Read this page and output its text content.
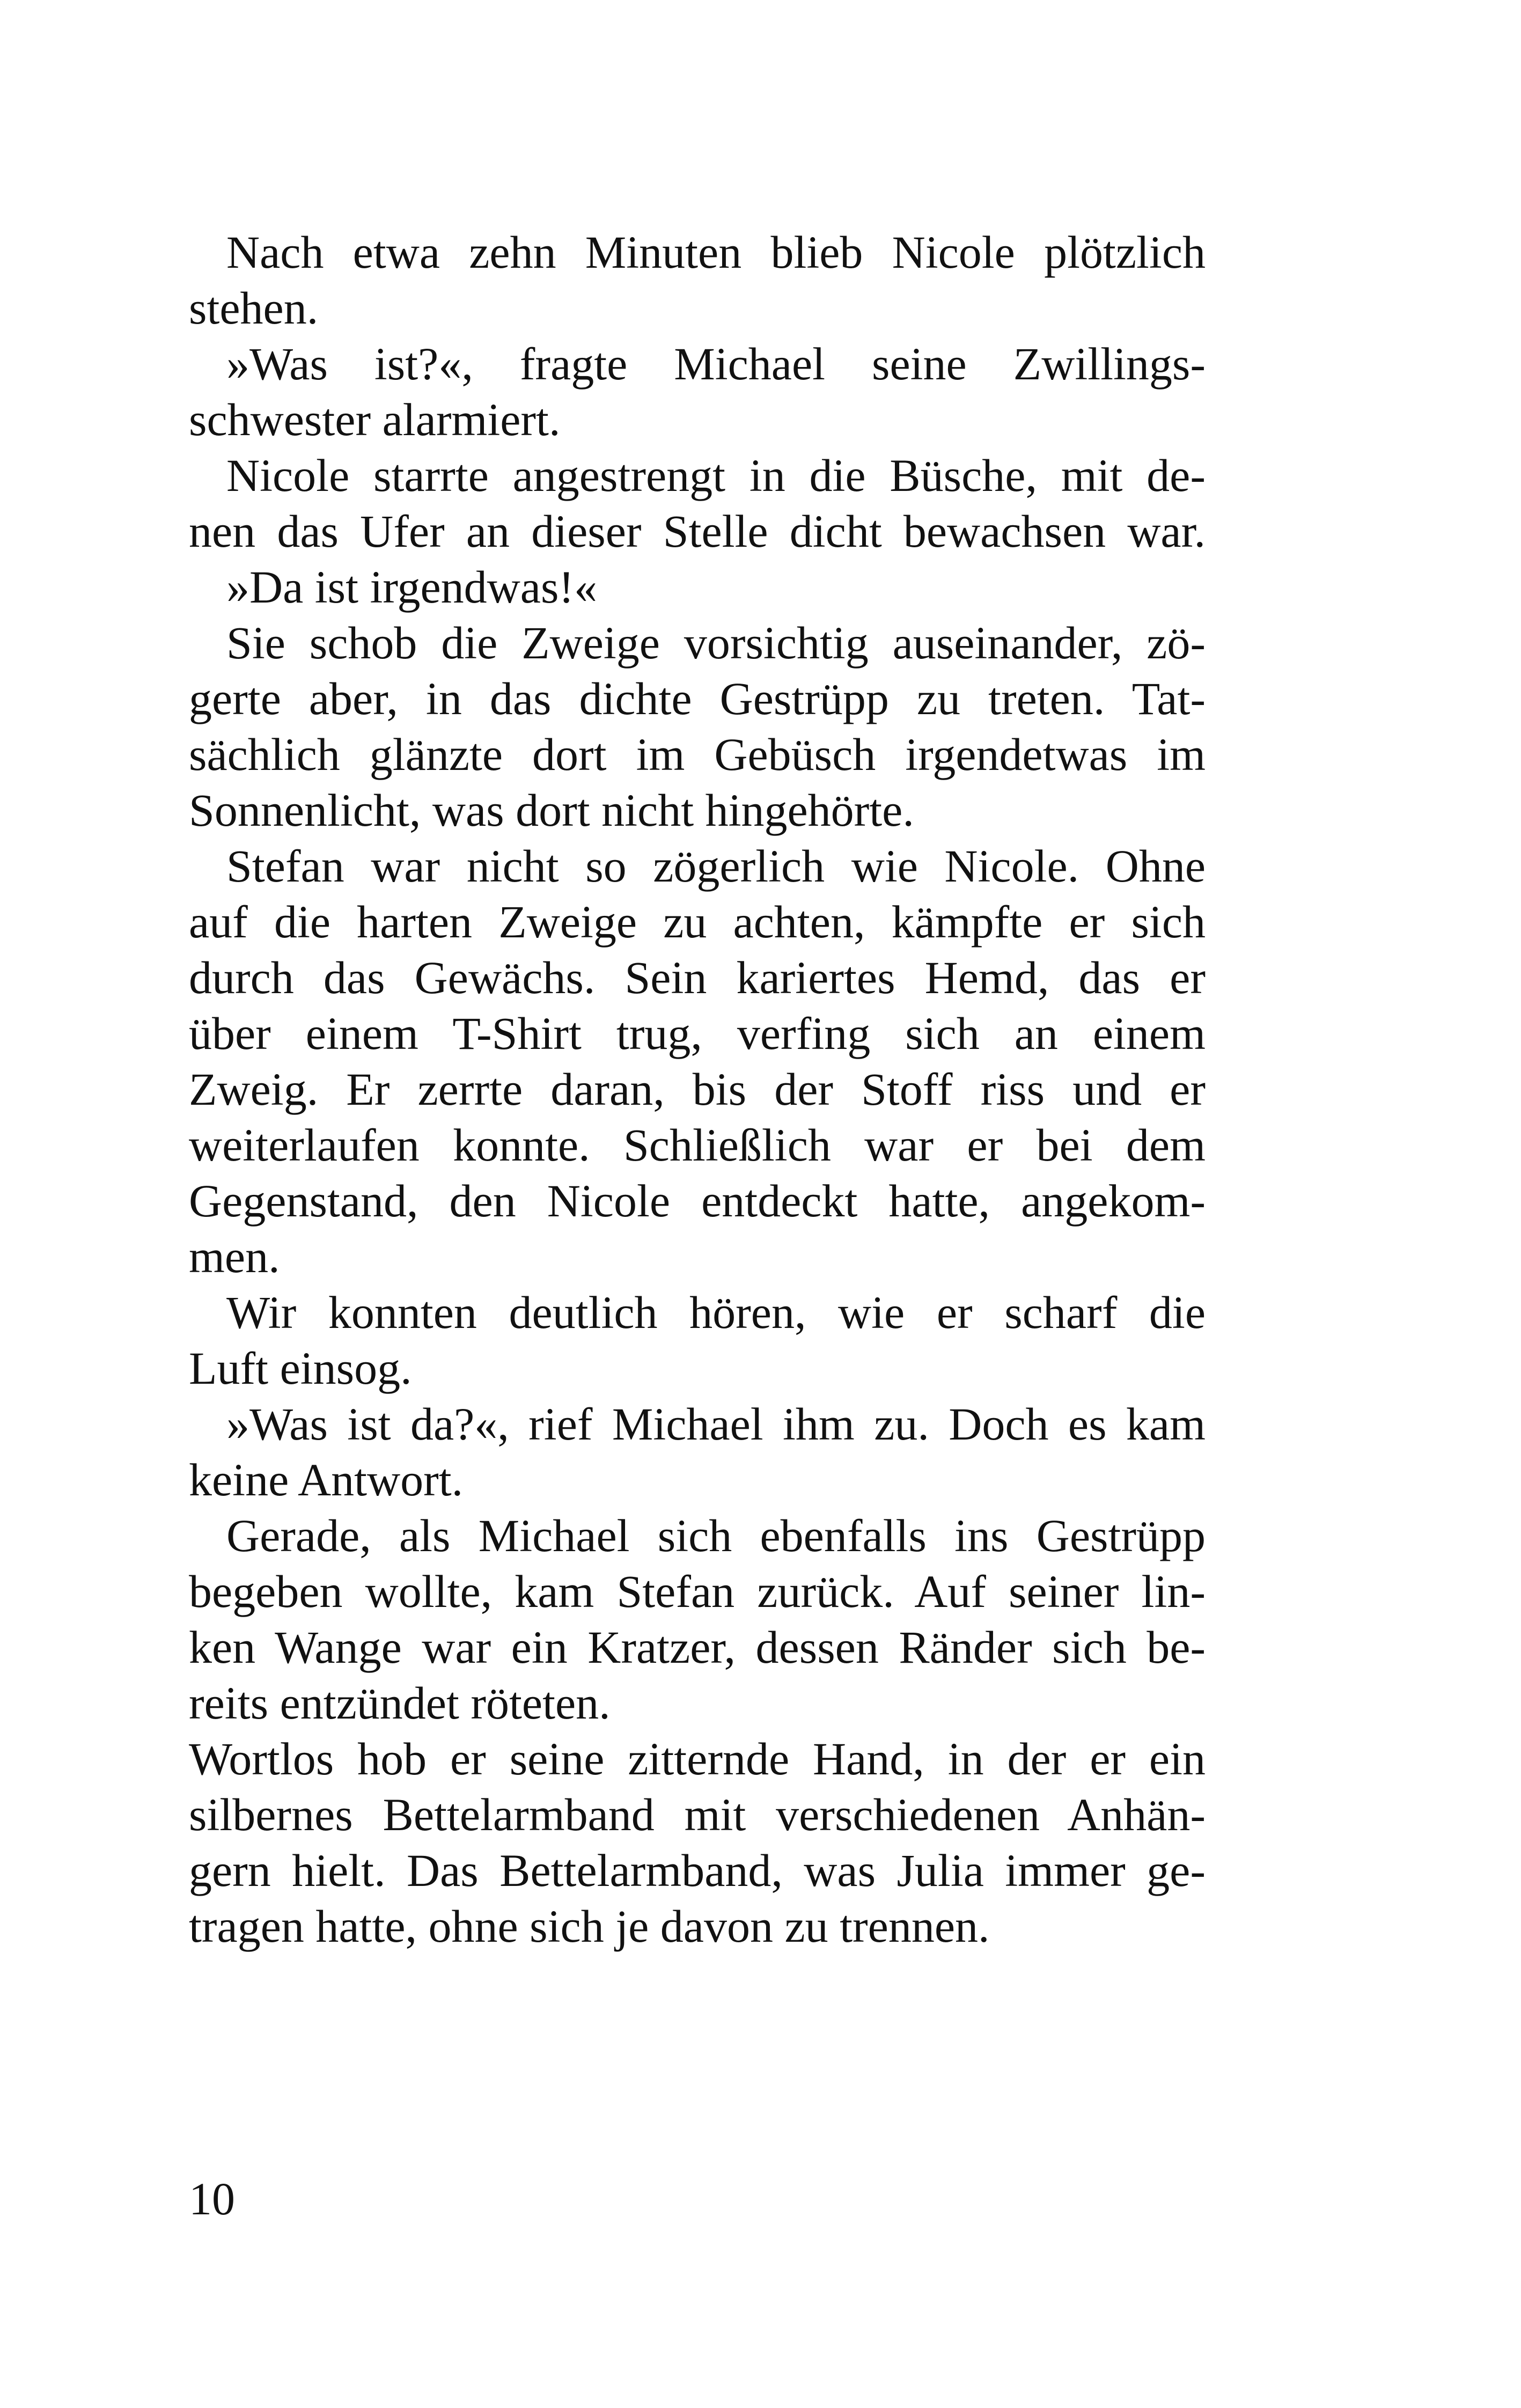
Nach etwa zehn Minuten blieb Nicole plötzlich
stehen.
»Was ist?«, fragte Michael seine Zwillings-
schwester alarmiert.
Nicole starrte angestrengt in die Büsche, mit de-
nen das Ufer an dieser Stelle dicht bewachsen war.
»Da ist irgendwas!«
Sie schob die Zweige vorsichtig auseinander, zö-
gerte aber, in das dichte Gestrüpp zu treten. Tat-
sächlich glänzte dort im Gebüsch irgendetwas im
Sonnenlicht, was dort nicht hingehörte.
Stefan war nicht so zögerlich wie Nicole. Ohne
auf die harten Zweige zu achten, kämpfte er sich
durch das Gewächs. Sein kariertes Hemd, das er
über einem T-Shirt trug, verfing sich an einem
Zweig. Er zerrte daran, bis der Stoff riss und er
weiterlaufen konnte. Schließlich war er bei dem
Gegenstand, den Nicole entdeckt hatte, angekom-
men.
Wir konnten deutlich hören, wie er scharf die
Luft einsog.
»Was ist da?«, rief Michael ihm zu. Doch es kam
keine Antwort.
Gerade, als Michael sich ebenfalls ins Gestrüpp
begeben wollte, kam Stefan zurück. Auf seiner lin-
ken Wange war ein Kratzer, dessen Ränder sich be-
reits entzündet röteten.
Wortlos hob er seine zitternde Hand, in der er ein
silbernes Bettelarmband mit verschiedenen Anhän-
gern hielt. Das Bettelarmband, was Julia immer ge-
tragen hatte, ohne sich je davon zu trennen.
10
